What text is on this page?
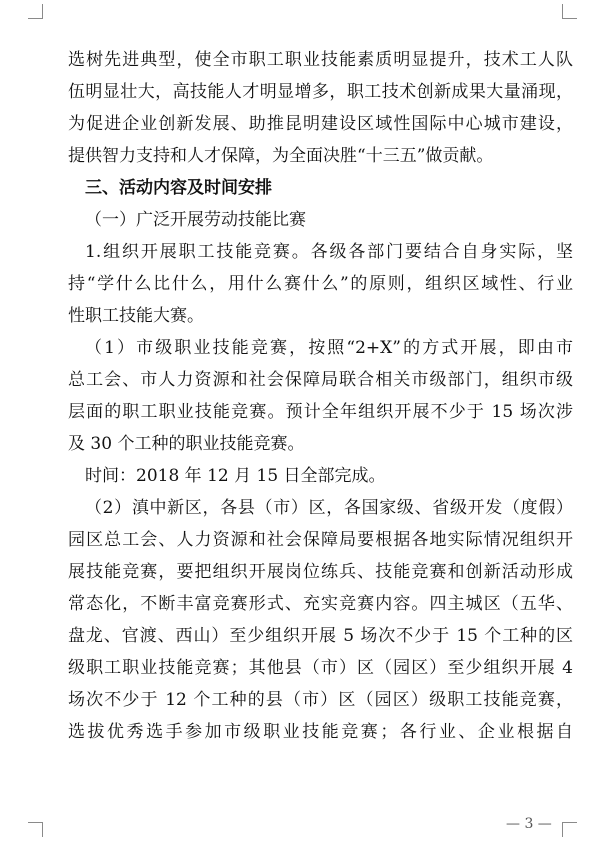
选树先进典型，使全市职工职业技能素质明显提升，技术工人队
伍明显壮大，高技能人才明显增多，职工技术创新成果大量涌现，
为促进企业创新发展、助推昆明建设区域性国际中心城市建设，
提供智力支持和人才保障，为全面决胜“十三五”做贡献。
三、活动内容及时间安排
（一）广泛开展劳动技能比赛
1.组织开展职工技能竞赛。各级各部门要结合自身实际，坚
持“学什么比什么，用什么赛什么”的原则，组织区域性、行业
性职工技能大赛。
（1）市级职业技能竞赛，按照“2+X”的方式开展，即由市
总工会、市人力资源和社会保障局联合相关市级部门，组织市级
层面的职工职业技能竞赛。预计全年组织开展不少于 15 场次涉
及 30 个工种的职业技能竞赛。
时间：2018 年 12 月 15 日全部完成。
（2）滇中新区，各县（市）区，各国家级、省级开发（度假）
园区总工会、人力资源和社会保障局要根据各地实际情况组织开
展技能竞赛，要把组织开展岗位练兵、技能竞赛和创新活动形成
常态化，不断丰富竞赛形式、充实竞赛内容。四主城区（五华、
盘龙、官渡、西山）至少组织开展 5 场次不少于 15 个工种的区
级职工职业技能竞赛；其他县（市）区（园区）至少组织开展 4
场次不少于 12 个工种的县（市）区（园区）级职工技能竞赛，
选拔优秀选手参加市级职业技能竞赛；各行业、企业根据自
— 3 —
